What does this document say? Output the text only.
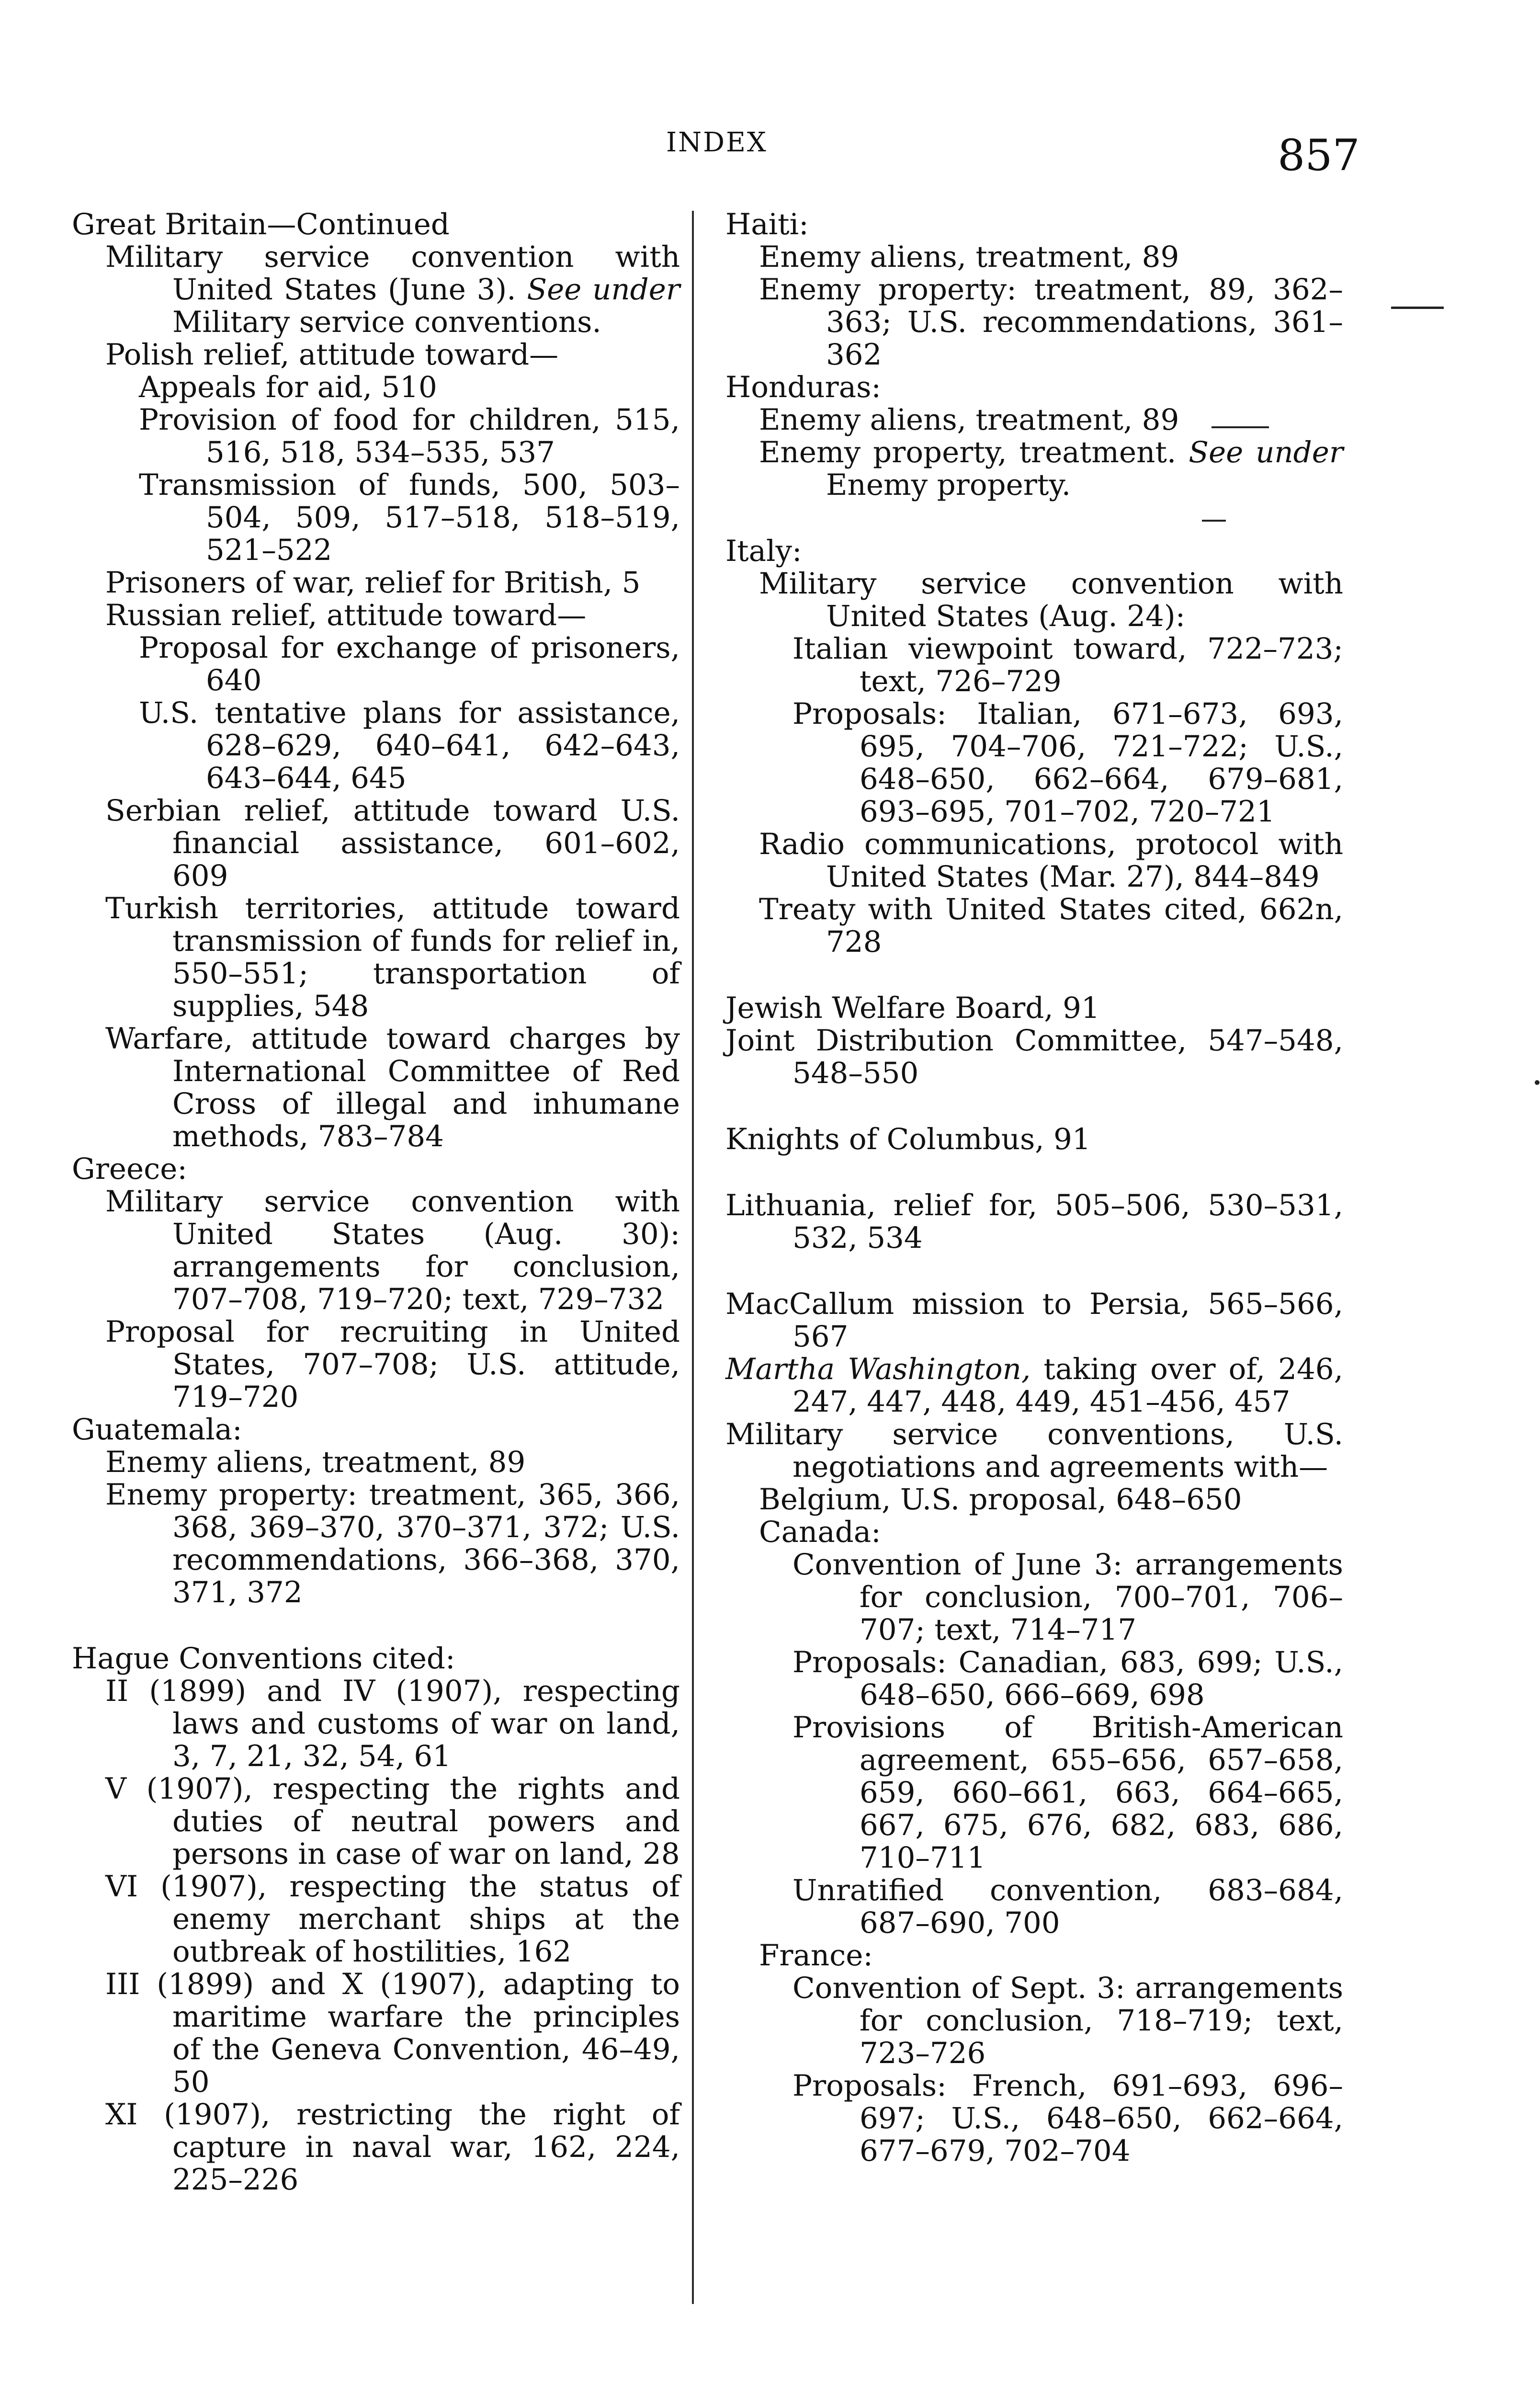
INDEX	857

Great Britain—Continued

Military service convention with United States (June 3). See under Military service conventions.

Polish relief, attitude toward—

Appeals for aid, 510

Provision of food for children, 515, 516, 518, 534–535, 537

Transmission of funds, 500, 503–504, 509, 517–518, 518–519, 521–522

Prisoners of war, relief for British, 5

Russian relief, attitude toward—

Proposal for exchange of prisoners, 640

U.S. tentative plans for assistance, 628–629, 640–641, 642–643, 643–644, 645

Serbian relief, attitude toward U.S. financial assistance, 601–602, 609

Turkish territories, attitude toward transmission of funds for relief in, 550–551; transportation of supplies, 548

Warfare, attitude toward charges by International Committee of Red Cross of illegal and inhumane methods, 783–784

Greece:

Military service convention with United States (Aug. 30): arrangements for conclusion, 707–708, 719–720; text, 729–732

Proposal for recruiting in United States, 707–708; U.S. attitude, 719–720

Guatemala:

Enemy aliens, treatment, 89

Enemy property: treatment, 365, 366, 368, 369–370, 370–371, 372; U.S. recommendations, 366–368, 370, 371, 372

Hague Conventions cited:

II (1899) and IV (1907), respecting laws and customs of war on land, 3, 7, 21, 32, 54, 61

V (1907), respecting the rights and duties of neutral powers and persons in case of war on land, 28

VI (1907), respecting the status of enemy merchant ships at the outbreak of hostilities, 162

III (1899) and X (1907), adapting to maritime warfare the principles of the Geneva Convention, 46–49, 50

XI (1907), restricting the right of capture in naval war, 162, 224, 225–226

Haiti:

Enemy aliens, treatment, 89

Enemy property: treatment, 89, 362–363; U.S. recommendations, 361–362

Honduras:

Enemy aliens, treatment, 89

Enemy property, treatment. See under Enemy property.

Italy:

Military service convention with United States (Aug. 24):

Italian viewpoint toward, 722–723; text, 726–729

Proposals: Italian, 671–673, 693, 695, 704–706, 721–722; U.S., 648–650, 662–664, 679–681, 693–695, 701–702, 720–721

Radio communications, protocol with United States (Mar. 27), 844–849

Treaty with United States cited, 662n, 728

Jewish Welfare Board, 91

Joint Distribution Committee, 547–548, 548–550

Knights of Columbus, 91

Lithuania, relief for, 505–506, 530–531, 532, 534

MacCallum mission to Persia, 565–566, 567

Martha Washington, taking over of, 246, 247, 447, 448, 449, 451–456, 457

Military service conventions, U.S. negotiations and agreements with—

Belgium, U.S. proposal, 648–650

Canada:

Convention of June 3: arrangements for conclusion, 700–701, 706–707; text, 714–717

Proposals: Canadian, 683, 699; U.S., 648–650, 666–669, 698

Provisions of British-American agreement, 655–656, 657–658, 659, 660–661, 663, 664–665, 667, 675, 676, 682, 683, 686, 710–711

Unratified convention, 683–684, 687–690, 700

France:

Convention of Sept. 3: arrangements for conclusion, 718–719; text, 723–726

Proposals: French, 691–693, 696–697; U.S., 648–650, 662–664, 677–679, 702–704
